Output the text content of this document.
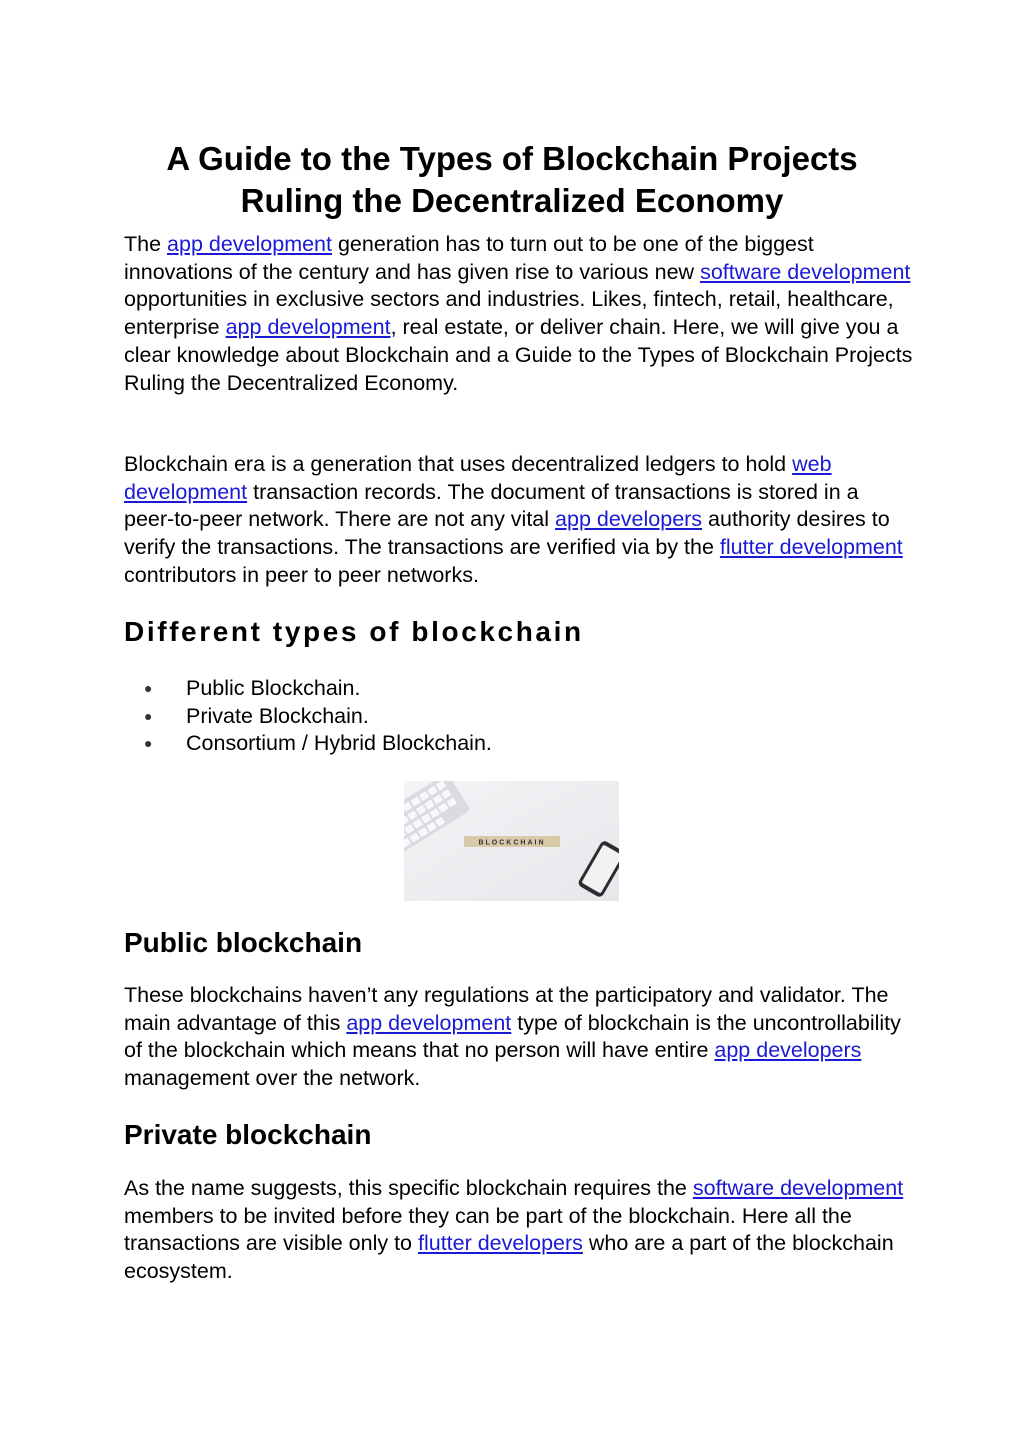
A Guide to the Types of Blockchain Projects
Ruling the Decentralized Economy

The app development generation has to turn out to be one of the biggest innovations of the century and has given rise to various new software development opportunities in exclusive sectors and industries. Likes, fintech, retail, healthcare, enterprise app development, real estate, or deliver chain. Here, we will give you a clear knowledge about Blockchain and a Guide to the Types of Blockchain Projects Ruling the Decentralized Economy.

Blockchain era is a generation that uses decentralized ledgers to hold web development transaction records. The document of transactions is stored in a peer-to-peer network. There are not any vital app developers authority desires to verify the transactions. The transactions are verified via by the flutter development contributors in peer to peer networks.

Different types of blockchain
● Public Blockchain.
● Private Blockchain.
● Consortium / Hybrid Blockchain.
BLOCKCHAIN
Public blockchain

These blockchains haven’t any regulations at the participatory and validator. The main advantage of this app development type of blockchain is the uncontrollability of the blockchain which means that no person will have entire app developers management over the network.

Private blockchain

As the name suggests, this specific blockchain requires the software development members to be invited before they can be part of the blockchain. Here all the transactions are visible only to flutter developers who are a part of the blockchain ecosystem.
